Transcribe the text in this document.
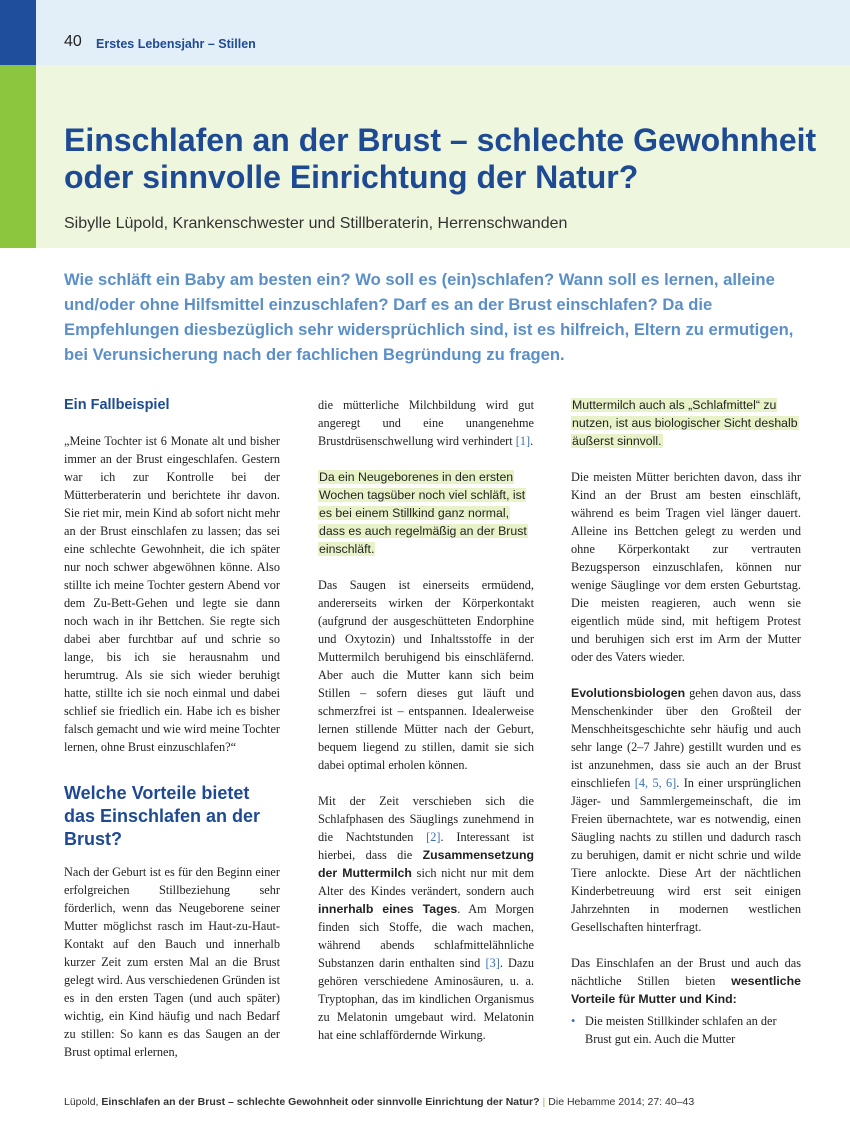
40 Erstes Lebensjahr – Stillen
Einschlafen an der Brust – schlechte Gewohnheit oder sinnvolle Einrichtung der Natur?
Sibylle Lüpold, Krankenschwester und Stillberaterin, Herrenschwanden

Wie schläft ein Baby am besten ein? Wo soll es (ein)schlafen? Wann soll es lernen, alleine und/oder ohne Hilfsmittel einzuschlafen? Darf es an der Brust einschlafen? Da die Empfehlungen diesbezüglich sehr widersprüchlich sind, ist es hilfreich, Eltern zu ermutigen, bei Verunsicherung nach der fachlichen Begründung zu fragen.

Ein Fallbeispiel

„Meine Tochter ist 6 Monate alt und bisher immer an der Brust eingeschlafen. Gestern war ich zur Kontrolle bei der Mütterberaterin und berichtete ihr davon. Sie riet mir, mein Kind ab sofort nicht mehr an der Brust einschlafen zu lassen; das sei eine schlechte Gewohnheit, die ich später nur noch schwer abgewöhnen könne. Also stillte ich meine Tochter gestern Abend vor dem Zu-Bett-Gehen und legte sie dann noch wach in ihr Bettchen. Sie regte sich dabei aber furchtbar auf und schrie so lange, bis ich sie herausnahm und herumtrug. Als sie sich wieder beruhigt hatte, stillte ich sie noch einmal und dabei schlief sie friedlich ein. Habe ich es bisher falsch gemacht und wie wird meine Tochter lernen, ohne Brust einzuschlafen?“

Welche Vorteile bietet das Einschlafen an der Brust?

Nach der Geburt ist es für den Beginn einer erfolgreichen Stillbeziehung sehr förderlich, wenn das Neugeborene seiner Mutter möglichst rasch im Haut-zu-Haut-Kontakt auf den Bauch und innerhalb kurzer Zeit zum ersten Mal an die Brust gelegt wird. Aus verschiedenen Gründen ist es in den ersten Tagen (und auch später) wichtig, ein Kind häufig und nach Bedarf zu stillen: So kann es das Saugen an der Brust optimal erlernen,

die mütterliche Milchbildung wird gut angeregt und eine unangenehme Brustdrüsenschwellung wird verhindert [1].

Da ein Neugeborenes in den ersten Wochen tagsüber noch viel schläft, ist es bei einem Stillkind ganz normal, dass es auch regelmäßig an der Brust einschläft.

Das Saugen ist einerseits ermüdend, andererseits wirken der Körperkontakt (aufgrund der ausgeschütteten Endorphine und Oxytozin) und Inhaltsstoffe in der Muttermilch beruhigend bis einschläfernd. Aber auch die Mutter kann sich beim Stillen – sofern dieses gut läuft und schmerzfrei ist – entspannen. Idealerweise lernen stillende Mütter nach der Geburt, bequem liegend zu stillen, damit sie sich dabei optimal erholen können.

Mit der Zeit verschieben sich die Schlafphasen des Säuglings zunehmend in die Nachtstunden [2]. Interessant ist hierbei, dass die Zusammensetzung der Muttermilch sich nicht nur mit dem Alter des Kindes verändert, sondern auch innerhalb eines Tages. Am Morgen finden sich Stoffe, die wach machen, während abends schlafmittelähnliche Substanzen darin enthalten sind [3]. Dazu gehören verschiedene Aminosäuren, u. a. Tryptophan, das im kindlichen Organismus zu Melatonin umgebaut wird. Melatonin hat eine schlaffördernde Wirkung.

Muttermilch auch als „Schlafmittel“ zu nutzen, ist aus biologischer Sicht deshalb äußerst sinnvoll.

Die meisten Mütter berichten davon, dass ihr Kind an der Brust am besten einschläft, während es beim Tragen viel länger dauert. Alleine ins Bettchen gelegt zu werden und ohne Körperkontakt zur vertrauten Bezugsperson einzuschlafen, können nur wenige Säuglinge vor dem ersten Geburtstag. Die meisten reagieren, auch wenn sie eigentlich müde sind, mit heftigem Protest und beruhigen sich erst im Arm der Mutter oder des Vaters wieder.

Evolutionsbiologen gehen davon aus, dass Menschenkinder über den Großteil der Menschheitsgeschichte sehr häufig und auch sehr lange (2–7 Jahre) gestillt wurden und es ist anzunehmen, dass sie auch an der Brust einschliefen [4, 5, 6]. In einer ursprünglichen Jäger- und Sammlergemeinschaft, die im Freien übernachtete, war es notwendig, einen Säugling nachts zu stillen und dadurch rasch zu beruhigen, damit er nicht schrie und wilde Tiere anlockte. Diese Art der nächtlichen Kinderbetreuung wird erst seit einigen Jahrzehnten in modernen westlichen Gesellschaften hinterfragt.

Das Einschlafen an der Brust und auch das nächtliche Stillen bieten wesentliche Vorteile für Mutter und Kind:

• Die meisten Stillkinder schlafen an der Brust gut ein. Auch die Mutter
Lüpold, Einschlafen an der Brust – schlechte Gewohnheit oder sinnvolle Einrichtung der Natur? | Die Hebamme 2014; 27: 40–43
